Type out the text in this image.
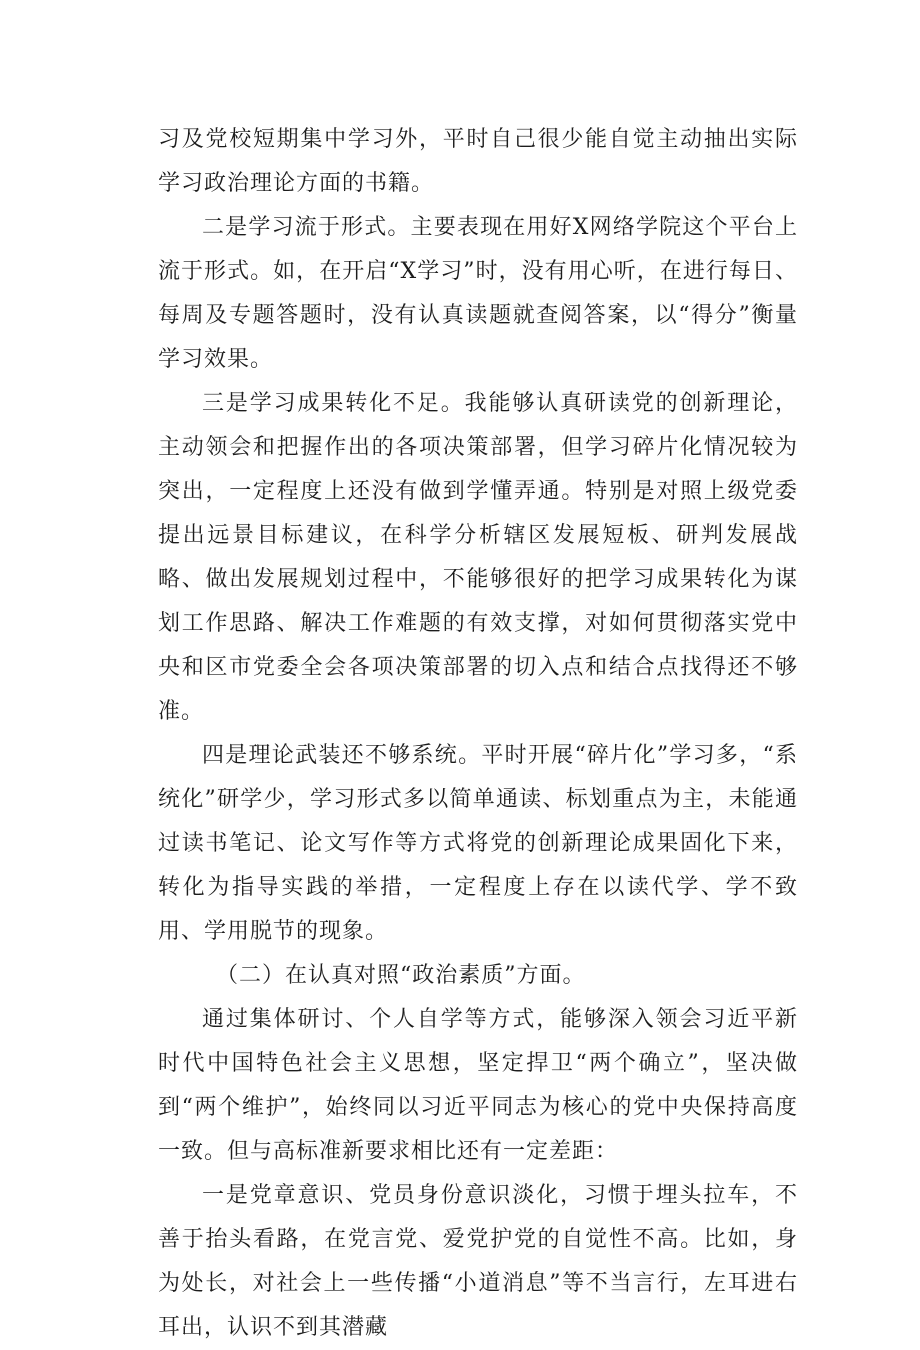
习及党校短期集中学习外，平时自己很少能自觉主动抽出实际学习政治理论方面的书籍。

二是学习流于形式。主要表现在用好X网络学院这个平台上流于形式。如，在开启“X学习”时，没有用心听，在进行每日、每周及专题答题时，没有认真读题就查阅答案，以“得分”衡量学习效果。

三是学习成果转化不足。我能够认真研读党的创新理论，主动领会和把握作出的各项决策部署，但学习碎片化情况较为突出，一定程度上还没有做到学懂弄通。特别是对照上级党委提出远景目标建议，在科学分析辖区发展短板、研判发展战略、做出发展规划过程中，不能够很好的把学习成果转化为谋划工作思路、解决工作难题的有效支撑，对如何贯彻落实党中央和区市党委全会各项决策部署的切入点和结合点找得还不够准。

四是理论武装还不够系统。平时开展“碎片化”学习多，“系统化”研学少，学习形式多以简单通读、标划重点为主，未能通过读书笔记、论文写作等方式将党的创新理论成果固化下来，转化为指导实践的举措，一定程度上存在以读代学、学不致用、学用脱节的现象。

（二）在认真对照“政治素质”方面。

通过集体研讨、个人自学等方式，能够深入领会习近平新时代中国特色社会主义思想，坚定捍卫“两个确立”，坚决做到“两个维护”，始终同以习近平同志为核心的党中央保持高度一致。但与高标准新要求相比还有一定差距：

一是党章意识、党员身份意识淡化，习惯于埋头拉车，不善于抬头看路，在党言党、爱党护党的自觉性不高。比如，身为处长，对社会上一些传播“小道消息”等不当言行，左耳进右耳出，认识不到其潜藏
